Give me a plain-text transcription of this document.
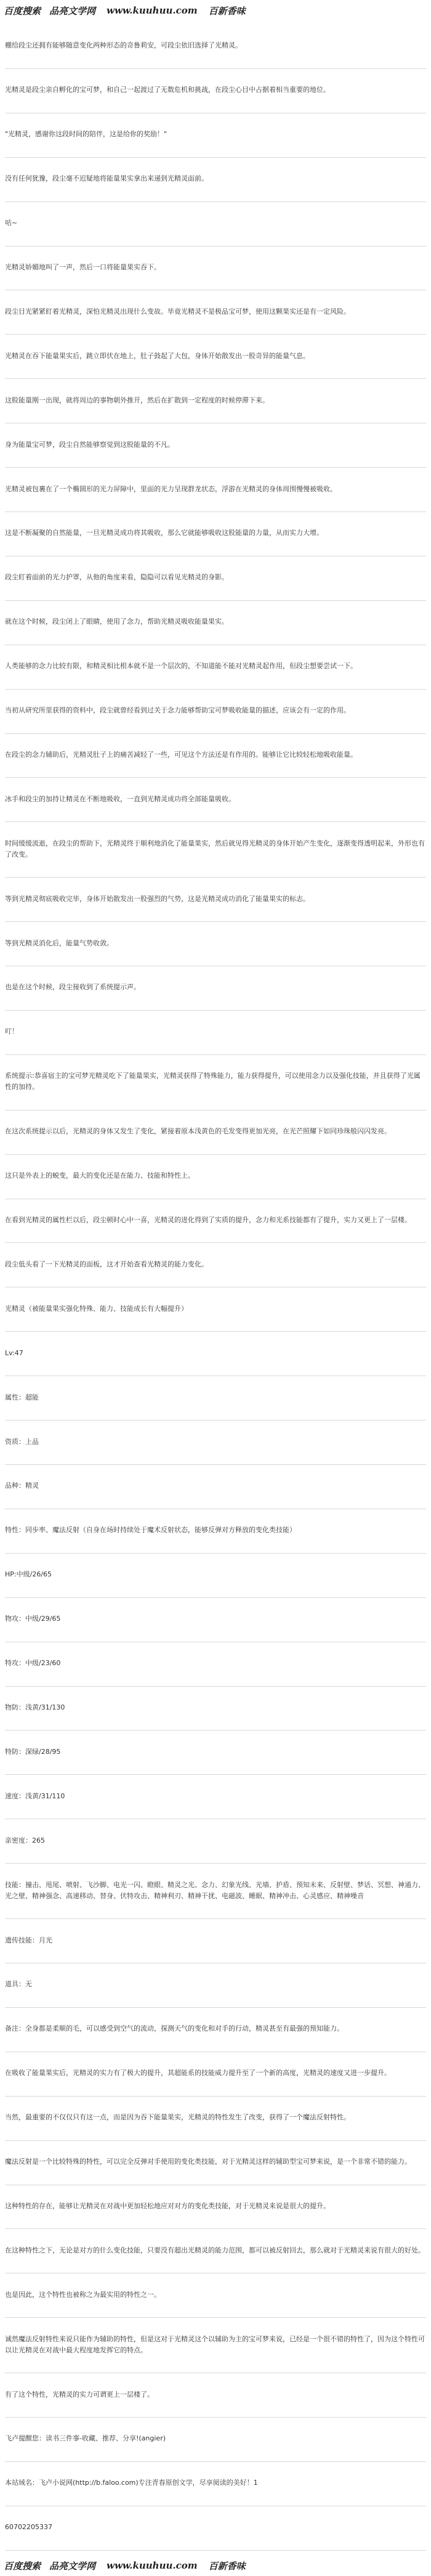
百度搜索 品亮文学网 www.kuuhuu.com 百新香味

棚给段尘还拥有能够随意变化两种形态的奇鲁莉安，可段尘依旧选择了光精灵。

光精灵是段尘亲自孵化的宝可梦，和自己一起渡过了无数危机和挑战，在段尘心目中占据着相当重要的地位。

"光精灵，感谢你这段时间的陪伴，这是给你的奖励！"

没有任何犹豫，段尘毫不迟疑地将能量果实拿出来递到光精灵面前。

咕~

光精灵娇媚地叫了一声，然后一口将能量果实吞下。

段尘目光紧紧盯着光精灵，深怕光精灵出现什么变故。毕竟光精灵不是极品宝可梦，使用这颗果实还是有一定风险。

光精灵在吞下能量果实后，跳立即伏在地上，肚子鼓起了大包，身体开始散发出一股奇异的能量气息。

这股能量刚一出现，就将周边的事物朝外推开，然后在扩散到一定程度的时候停滞下来。

身为能量宝可梦，段尘自然能够察觉到这股能量的不凡。

光精灵被包裹在了一个椭圆形的光力屏障中，里面的光力呈现群龙状态，浮游在光精灵的身体周围慢慢被吸收。

这是不断凝聚的自然能量，一旦光精灵成功将其吸收，那么它就能够吸收这股能量的力量，从而实力大增。

段尘盯着面前的光力护罩，从他的角度来看，隐隐可以看见光精灵的身影。

就在这个时候，段尘闭上了眼睛，使用了念力，帮助光精灵吸收能量果实。

人类能够的念力比较有限，和精灵相比根本就不是一个层次的，不知道能不能对光精灵起作用，但段尘想要尝试一下。

当初从研究所里获得的资料中，段尘就曾经看到过关于念力能够帮助宝可梦吸收能量的描述，应该会有一定的作用。

在段尘的念力辅助后，光精灵肚子上的痛苦减轻了一些，可见这个方法还是有作用的。能够让它比较轻松地吸收能量。

冰手和段尘的加持让精灵在不断地吸收，一直到光精灵成功将全部能量吸收。

时间缓缓流逝，在段尘的帮助下，光精灵终于顺利地消化了能量果实，然后就见得光精灵的身体开始产生变化，逐渐变得透明起来，外形也有了改变。

等到光精灵彻底吸收完毕，身体开始散发出一股强烈的气势，这是光精灵成功消化了能量果实的标志。

等到光精灵消化后，能量气势收敛。

也是在这个时候，段尘接收到了系统提示声。

叮！

系统提示:恭喜宿主的宝可梦光精灵吃下了能量果实，光精灵获得了特殊能力，能力获得提升，可以使用念力以及强化技能，并且获得了光属性的加持。

在这次系统提示以后，光精灵的身体又发生了变化，紧接着原本浅黄色的毛发变得更加光亮，在光芒照耀下如同珍珠般闪闪发亮。

这只是外表上的蜕变，最大的变化还是在能力、技能和特性上。

在看到光精灵的属性栏以后，段尘顿时心中一喜，光精灵的进化得到了实质的提升，念力和光系技能都有了提升，实力又更上了一层楼。

段尘低头看了一下光精灵的面板，这才开始查看光精灵的能力变化。

光精灵（被能量果实强化特殊、能力、技能成长有大幅提升）

Lv:47

属性：超能

资质：上品

品种：精灵

特性：同步率、魔法反射（自身在场时持续处于魔术反射状态，能够反弹对方释放的变化类技能）

HP:中级/26/65

物攻：中级/29/65

特攻：中级/23/60

物防：浅黄/31/130

特防：深绿/28/95

速度：浅黄/31/110

亲密度：265

技能：撞击、甩尾、喷射、飞沙脚、电光一闪、瞪眼、精灵之光、念力、幻象光线、光墙、护盾、预知未来、反射壁、梦话、冥想、神通力、光之壁、精神强念、高速移动、替身、伏特攻击、精神利刃、精神干扰、电磁波、睡眠、精神冲击、心灵感应、精神噪音

遗传技能：月光

道具：无

备注：全身都是柔顺的毛，可以感受到空气的流动，探测天气的变化和对手的行动，精灵甚至有最强的预知能力。

在吸收了能量果实后，光精灵的实力有了极大的提升，其超能系的技能威力提升至了一个新的高度，光精灵的速度又进一步提升。

当然，最重要的不仅仅只有这一点，而是因为吞下能量果实，光精灵的特性发生了改变，获得了一个魔法反射特性。

魔法反射是一个比较特殊的特性，可以完全反弹对手使用的变化类技能，对于光精灵这样的辅助型宝可梦来说，是一个非常不错的能力。

这种特性的存在，能够让光精灵在对战中更加轻松地应对对方的变化类技能，对于光精灵来说是很大的提升。

在这种特性之下，无论是对方的什么变化技能，只要没有超出光精灵的能力范围，都可以被反射回去，那么就对于光精灵来说有很大的好处。

也是因此，这个特性也被称之为最实用的特性之一。

诚然魔法反射特性来说只能作为辅助的特性，但是这对于光精灵这个以辅助为主的宝可梦来说，已经是一个很不错的特性了，因为这个特性可以让光精灵在对战中最大程度地发挥它的特点。

有了这个特性，光精灵的实力可谓更上一层楼了。

飞卢提醒您：读书三件事-收藏、推荐、分享!(angier)

本站域名：飞卢小说网(http://b.faloo.com)专注青春原创文学，尽享阅读的美好！1

60702205337

百度搜索 品亮文学网 www.kuuhuu.com 百新香味
